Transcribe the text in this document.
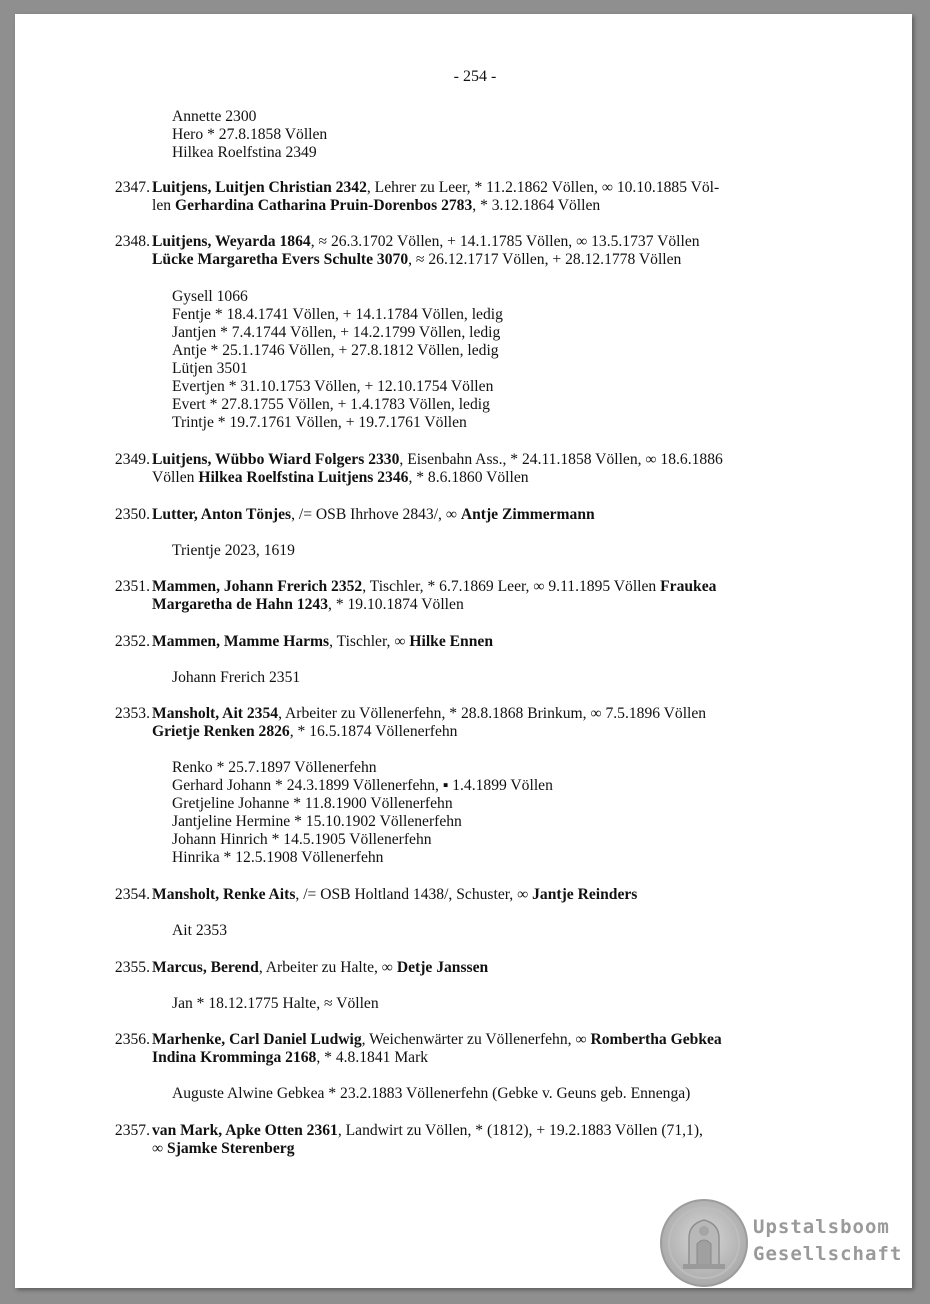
- 254 -
Annette 2300
Hero * 27.8.1858 Völlen
Hilkea Roelfstina 2349
2347. Luitjens, Luitjen Christian 2342, Lehrer zu Leer, * 11.2.1862 Völlen, ∞ 10.10.1885 Völ-
len Gerhardina Catharina Pruin-Dorenbos 2783, * 3.12.1864 Völlen
2348. Luitjens, Weyarda 1864, ≈ 26.3.1702 Völlen, + 14.1.1785 Völlen, ∞ 13.5.1737 Völlen
Lücke Margaretha Evers Schulte 3070, ≈ 26.12.1717 Völlen, + 28.12.1778 Völlen
Gysell 1066
Fentje * 18.4.1741 Völlen, + 14.1.1784 Völlen, ledig
Jantjen * 7.4.1744 Völlen, + 14.2.1799 Völlen, ledig
Antje * 25.1.1746 Völlen, + 27.8.1812 Völlen, ledig
Lütjen 3501
Evertjen * 31.10.1753 Völlen, + 12.10.1754 Völlen
Evert * 27.8.1755 Völlen, + 1.4.1783 Völlen, ledig
Trintje * 19.7.1761 Völlen, + 19.7.1761 Völlen
2349. Luitjens, Wübbo Wiard Folgers 2330, Eisenbahn Ass., * 24.11.1858 Völlen, ∞ 18.6.1886
Völlen Hilkea Roelfstina Luitjens 2346, * 8.6.1860 Völlen
2350. Lutter, Anton Tönjes, /= OSB Ihrhove 2843/, ∞ Antje Zimmermann
Trientje 2023, 1619
2351. Mammen, Johann Frerich 2352, Tischler, * 6.7.1869 Leer, ∞ 9.11.1895 Völlen Fraukea
Margaretha de Hahn 1243, * 19.10.1874 Völlen
2352. Mammen, Mamme Harms, Tischler, ∞ Hilke Ennen
Johann Frerich 2351
2353. Mansholt, Ait 2354, Arbeiter zu Völlenerfehn, * 28.8.1868 Brinkum, ∞ 7.5.1896 Völlen
Grietje Renken 2826, * 16.5.1874 Völlenerfehn
Renko * 25.7.1897 Völlenerfehn
Gerhard Johann * 24.3.1899 Völlenerfehn, ▪ 1.4.1899 Völlen
Gretjeline Johanne * 11.8.1900 Völlenerfehn
Jantjeline Hermine * 15.10.1902 Völlenerfehn
Johann Hinrich * 14.5.1905 Völlenerfehn
Hinrika * 12.5.1908 Völlenerfehn
2354. Mansholt, Renke Aits, /= OSB Holtland 1438/, Schuster, ∞ Jantje Reinders
Ait 2353
2355. Marcus, Berend, Arbeiter zu Halte, ∞ Detje Janssen
Jan * 18.12.1775 Halte, ≈ Völlen
2356. Marhenke, Carl Daniel Ludwig, Weichenwärter zu Völlenerfehn, ∞ Rombertha Gebkea
Indina Kromminga 2168, * 4.8.1841 Mark
Auguste Alwine Gebkea * 23.2.1883 Völlenerfehn (Gebke v. Geuns geb. Ennenga)
2357. van Mark, Apke Otten 2361, Landwirt zu Völlen, * (1812), + 19.2.1883 Völlen (71,1),
∞ Sjamke Sterenberg
Upstalsboom
Gesellschaft
